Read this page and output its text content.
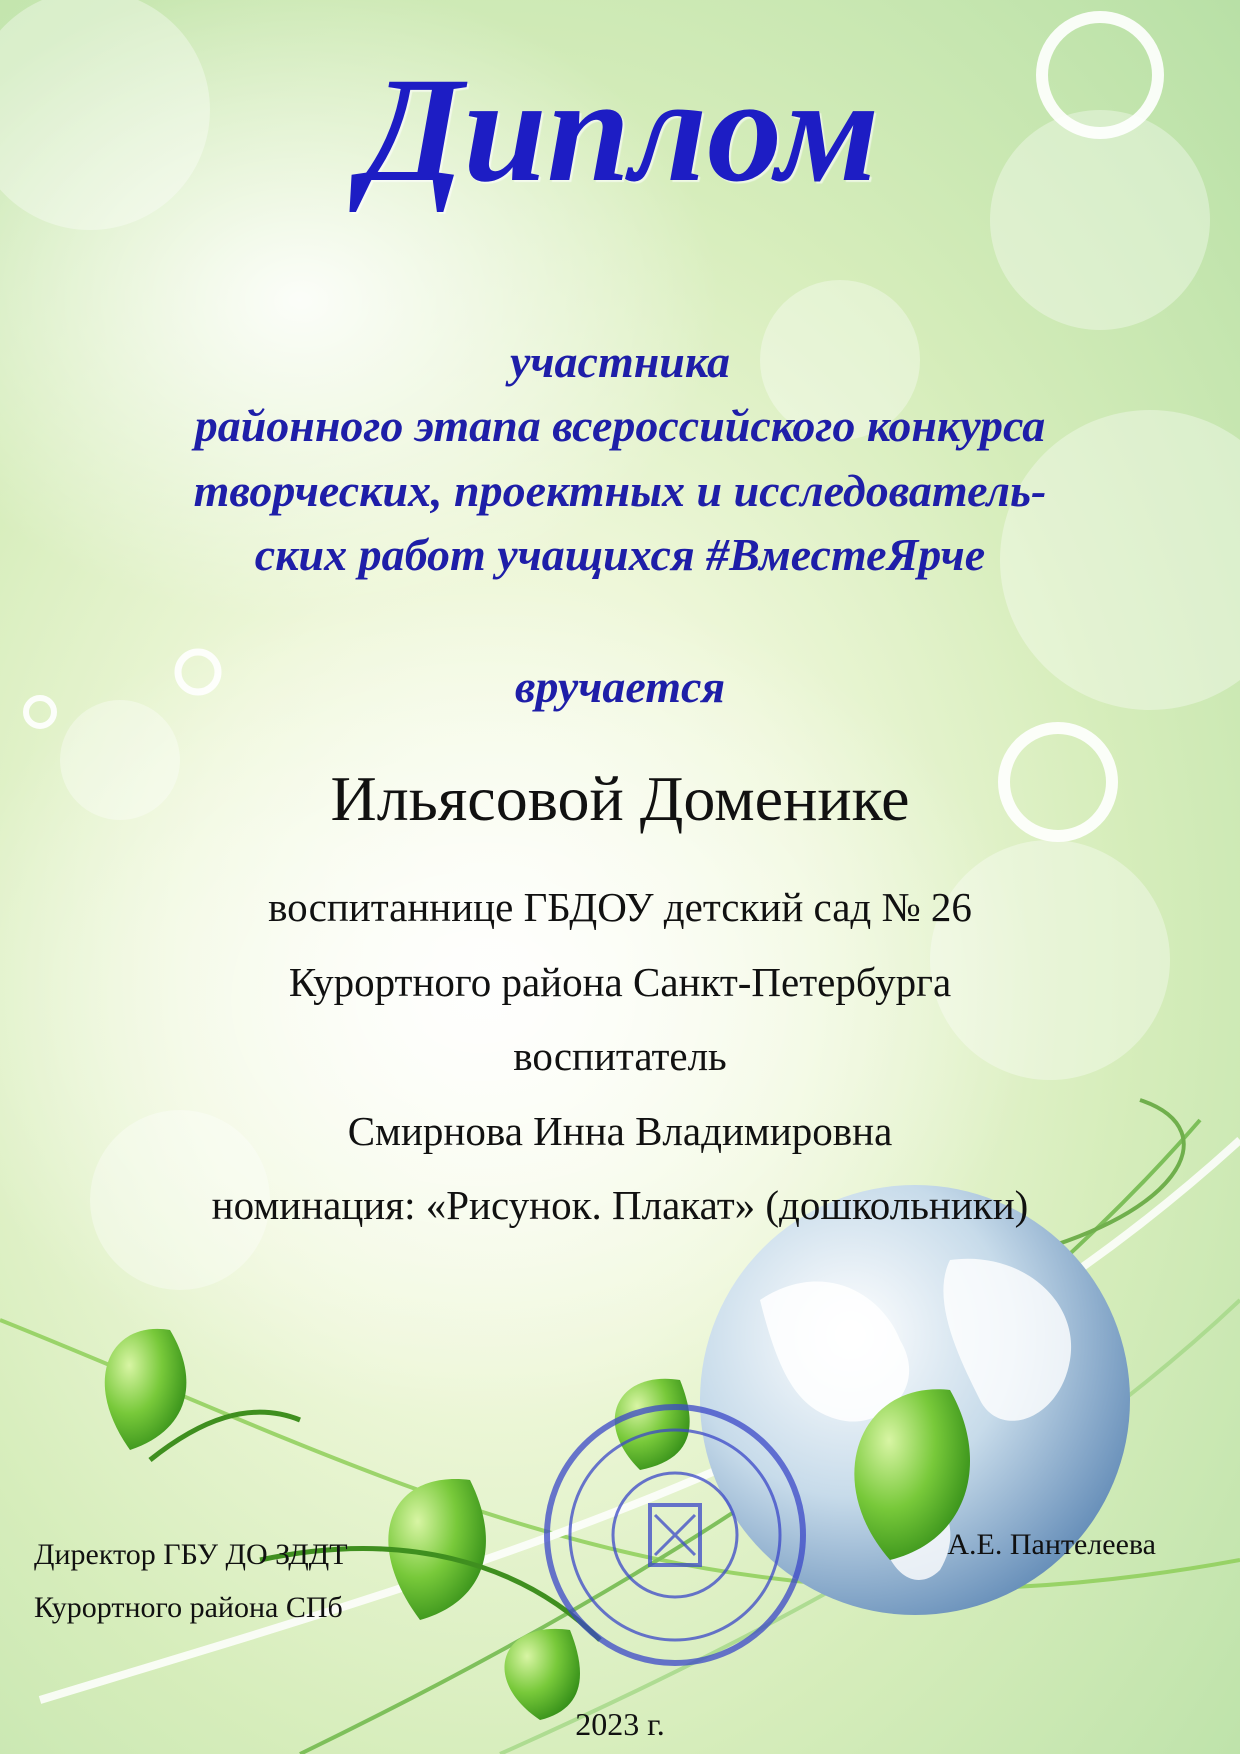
Диплом
участника
районного этапа всероссийского конкурса
творческих, проектных и исследователь-
ских работ учащихся #ВместеЯрче
вручается
Ильясовой Доменике
воспитаннице ГБДОУ детский сад № 26
Курортного района Санкт-Петербурга
воспитатель
Смирнова Инна Владимировна
номинация: «Рисунок. Плакат» (дошкольники)
Директор ГБУ ДО ЗДДТ
Курортного района СПб
А.Е. Пантелеева
2023 г.
